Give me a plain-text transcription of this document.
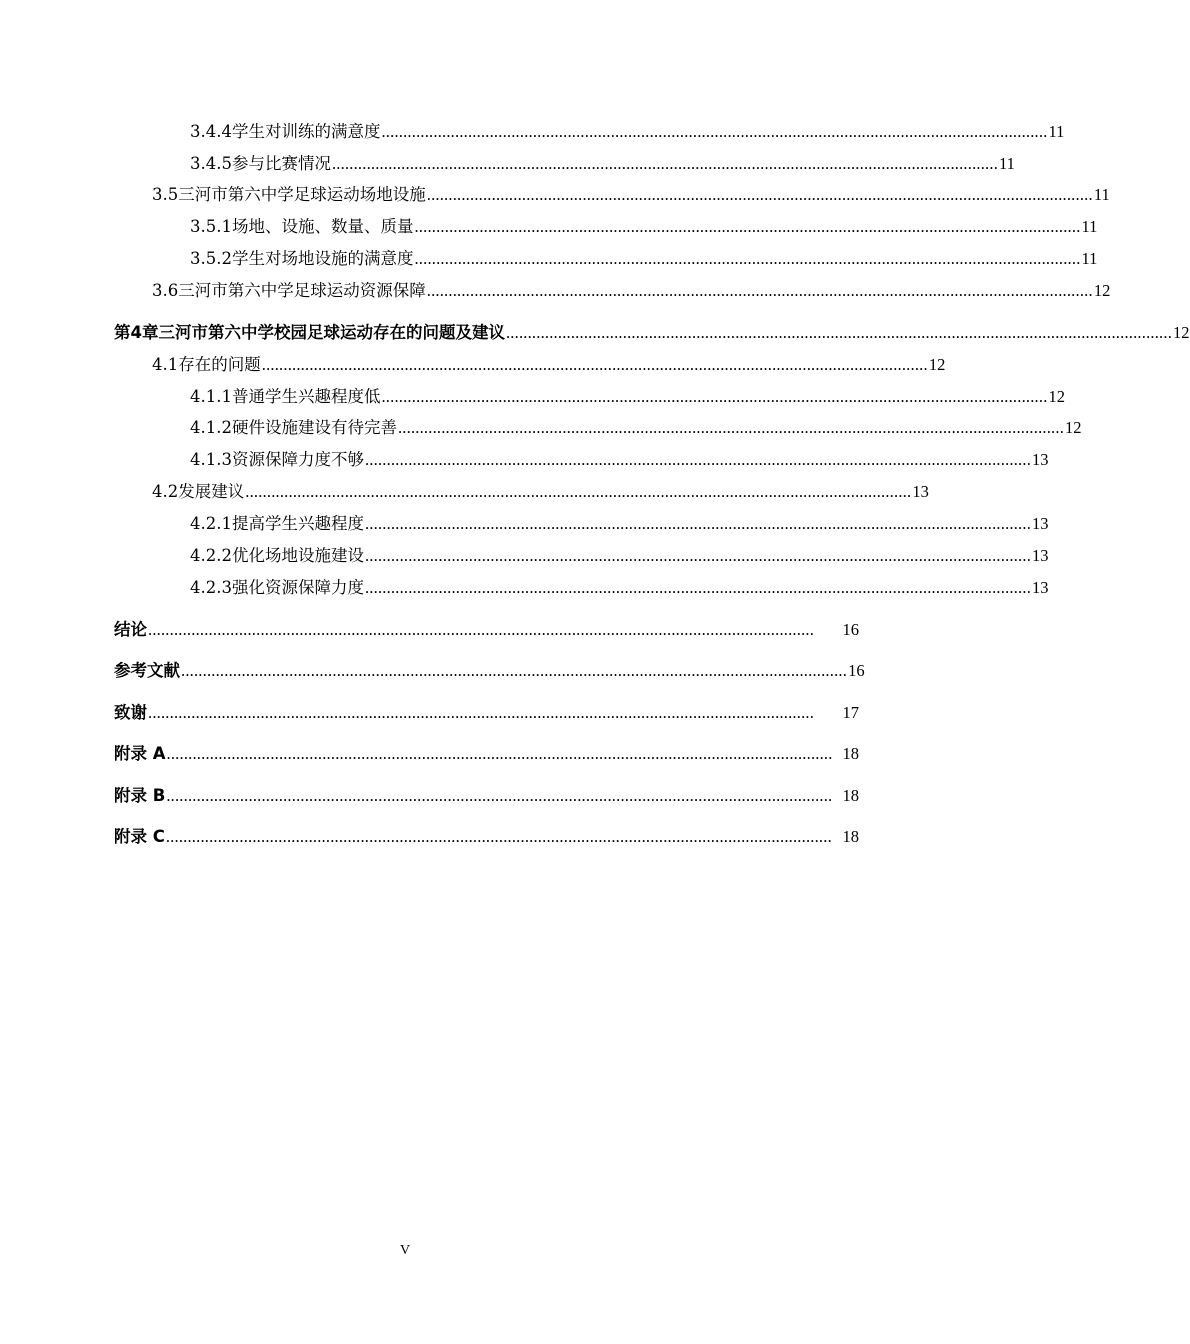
3.4.4 学生对训练的满意度 .......................................................................................................................................................... 11
3.4.5 参与比赛情况 .......................................................................................................................................................... 11
3.5 三河市第六中学足球运动场地设施 .......................................................................................................................................................... 11
3.5.1 场地、设施、数量、质量 .......................................................................................................................................................... 11
3.5.2 学生对场地设施的满意度 .......................................................................................................................................................... 11
3.6 三河市第六中学足球运动资源保障 .......................................................................................................................................................... 12
第4章 三河市第六中学校园足球运动存在的问题及建议 .......................................................................................................................................................... 12
4.1 存在的问题 .......................................................................................................................................................... 12
4.1.1 普通学生兴趣程度低 .......................................................................................................................................................... 12
4.1.2 硬件设施建设有待完善 .......................................................................................................................................................... 12
4.1.3 资源保障力度不够 .......................................................................................................................................................... 13
4.2 发展建议 .......................................................................................................................................................... 13
4.2.1 提高学生兴趣程度 .......................................................................................................................................................... 13
4.2.2 优化场地设施建设 .......................................................................................................................................................... 13
4.2.3 强化资源保障力度 .......................................................................................................................................................... 13
结论 ..........................................................................................................................................................	16
参考文献 .......................................................................................................................................................... 16
致谢 ..........................................................................................................................................................	17
附录 A .......................................................................................................................................................... 18
附录 B .......................................................................................................................................................... 18
附录 C .......................................................................................................................................................... 18
V
